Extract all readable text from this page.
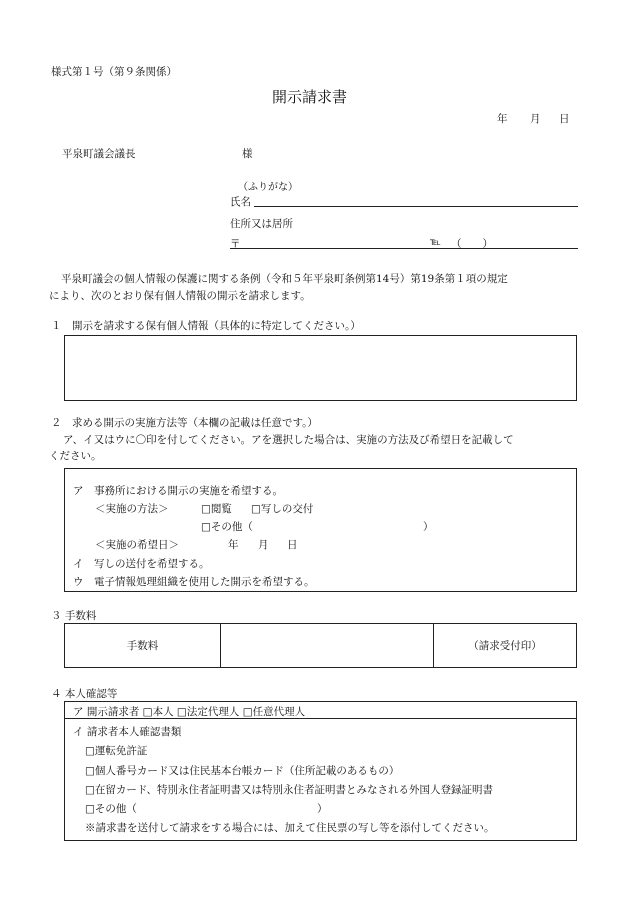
様式第１号（第９条関係）
開示請求書
年 月 日
平泉町議会議長	様
（ふりがな）
氏名
住所又は居所
〒	℡ （　　）
平泉町議会の個人情報の保護に関する条例（令和５年平泉町条例第14号）第19条第１項の規定
により、次のとおり保有個人情報の開示を請求します。
１　開示を請求する保有個人情報（具体的に特定してください。）
２　求める開示の実施方法等（本欄の記載は任意です。）
ア、イ又はウに〇印を付してください。アを選択した場合は、実施の方法及び希望日を記載して
ください。
ア　事務所における開示の実施を希望する。
＜実施の方法＞	□閲覧 □写しの交付
□その他（	）
＜実施の希望日＞	年 月 日
イ　写しの送付を希望する。
ウ　電子情報処理組織を使用した開示を希望する。
３ 手数料
手数料	（請求受付印）
４ 本人確認等
ア 開示請求者 □本人 □法定代理人 □任意代理人
イ 請求者本人確認書類
□運転免許証
□個人番号カード又は住民基本台帳カード（住所記載のあるもの）
□在留カード、特別永住者証明書又は特別永住者証明書とみなされる外国人登録証明書
□その他（	）
※請求書を送付して請求をする場合には、加えて住民票の写し等を添付してください。
